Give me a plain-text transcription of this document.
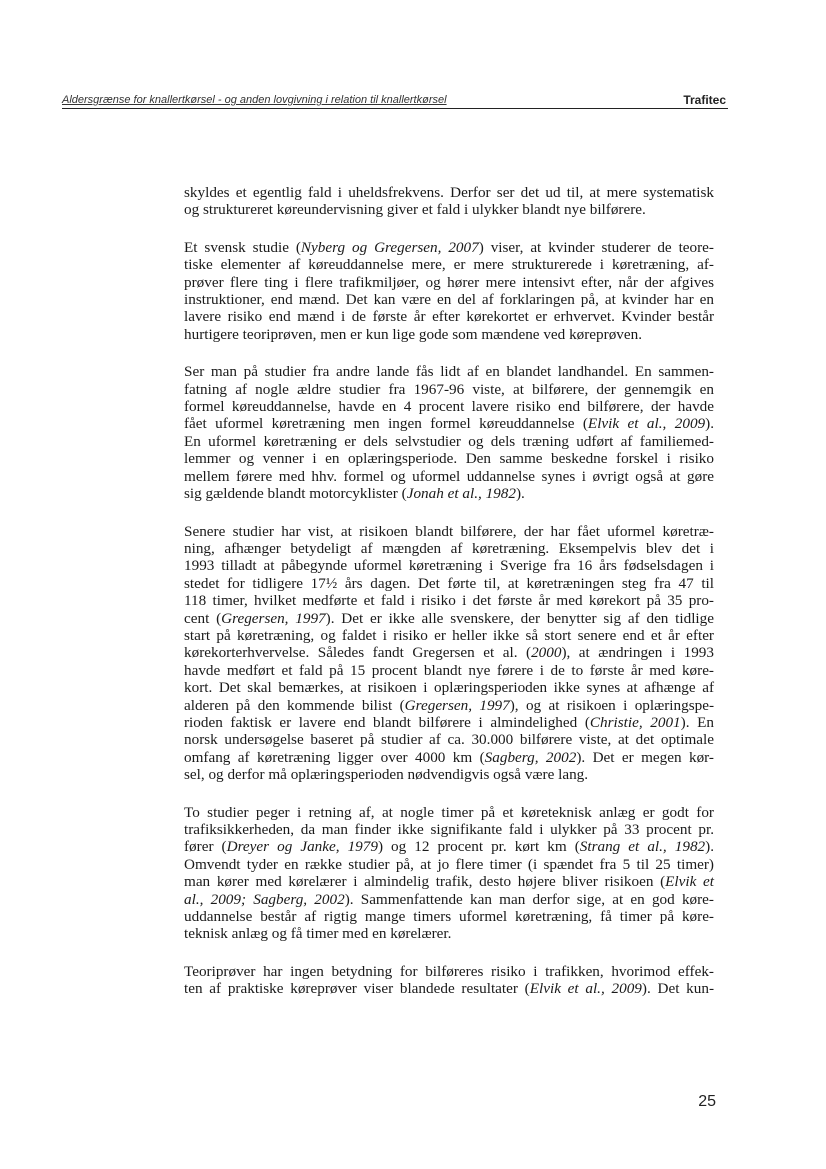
Aldersgrænse for knallertkørsel - og anden lovgivning i relation til knallertkørsel	Trafitec
skyldes et egentlig fald i uheldsfrekvens. Derfor ser det ud til, at mere systematisk
og struktureret køreundervisning giver et fald i ulykker blandt nye bilførere.
Et svensk studie (Nyberg og Gregersen, 2007) viser, at kvinder studerer de teore-
tiske elementer af køreuddannelse mere, er mere strukturerede i køretræning, af-
prøver flere ting i flere trafikmiljøer, og hører mere intensivt efter, når der afgives
instruktioner, end mænd. Det kan være en del af forklaringen på, at kvinder har en
lavere risiko end mænd i de første år efter kørekortet er erhvervet. Kvinder består
hurtigere teoriprøven, men er kun lige gode som mændene ved køreprøven.
Ser man på studier fra andre lande fås lidt af en blandet landhandel. En sammen-
fatning af nogle ældre studier fra 1967-96 viste, at bilførere, der gennemgik en
formel køreuddannelse, havde en 4 procent lavere risiko end bilførere, der havde
fået uformel køretræning men ingen formel køreuddannelse (Elvik et al., 2009).
En uformel køretræning er dels selvstudier og dels træning udført af familiemed-
lemmer og venner i en oplæringsperiode. Den samme beskedne forskel i risiko
mellem førere med hhv. formel og uformel uddannelse synes i øvrigt også at gøre
sig gældende blandt motorcyklister (Jonah et al., 1982).
Senere studier har vist, at risikoen blandt bilførere, der har fået uformel køretræ-
ning, afhænger betydeligt af mængden af køretræning. Eksempelvis blev det i
1993 tilladt at påbegynde uformel køretræning i Sverige fra 16 års fødselsdagen i
stedet for tidligere 17½ års dagen. Det førte til, at køretræningen steg fra 47 til
118 timer, hvilket medførte et fald i risiko i det første år med kørekort på 35 pro-
cent (Gregersen, 1997). Det er ikke alle svenskere, der benytter sig af den tidlige
start på køretræning, og faldet i risiko er heller ikke så stort senere end et år efter
kørekorterhvervelse. Således fandt Gregersen et al. (2000), at ændringen i 1993
havde medført et fald på 15 procent blandt nye førere i de to første år med køre-
kort. Det skal bemærkes, at risikoen i oplæringsperioden ikke synes at afhænge af
alderen på den kommende bilist (Gregersen, 1997), og at risikoen i oplæringspe-
rioden faktisk er lavere end blandt bilførere i almindelighed (Christie, 2001). En
norsk undersøgelse baseret på studier af ca. 30.000 bilførere viste, at det optimale
omfang af køretræning ligger over 4000 km (Sagberg, 2002). Det er megen kør-
sel, og derfor må oplæringsperioden nødvendigvis også være lang.
To studier peger i retning af, at nogle timer på et køreteknisk anlæg er godt for
trafiksikkerheden, da man finder ikke signifikante fald i ulykker på 33 procent pr.
fører (Dreyer og Janke, 1979) og 12 procent pr. kørt km (Strang et al., 1982).
Omvendt tyder en række studier på, at jo flere timer (i spændet fra 5 til 25 timer)
man kører med kørelærer i almindelig trafik, desto højere bliver risikoen (Elvik et
al., 2009; Sagberg, 2002). Sammenfattende kan man derfor sige, at en god køre-
uddannelse består af rigtig mange timers uformel køretræning, få timer på køre-
teknisk anlæg og få timer med en kørelærer.
Teoriprøver har ingen betydning for bilføreres risiko i trafikken, hvorimod effek-
ten af praktiske køreprøver viser blandede resultater (Elvik et al., 2009). Det kun-
25
